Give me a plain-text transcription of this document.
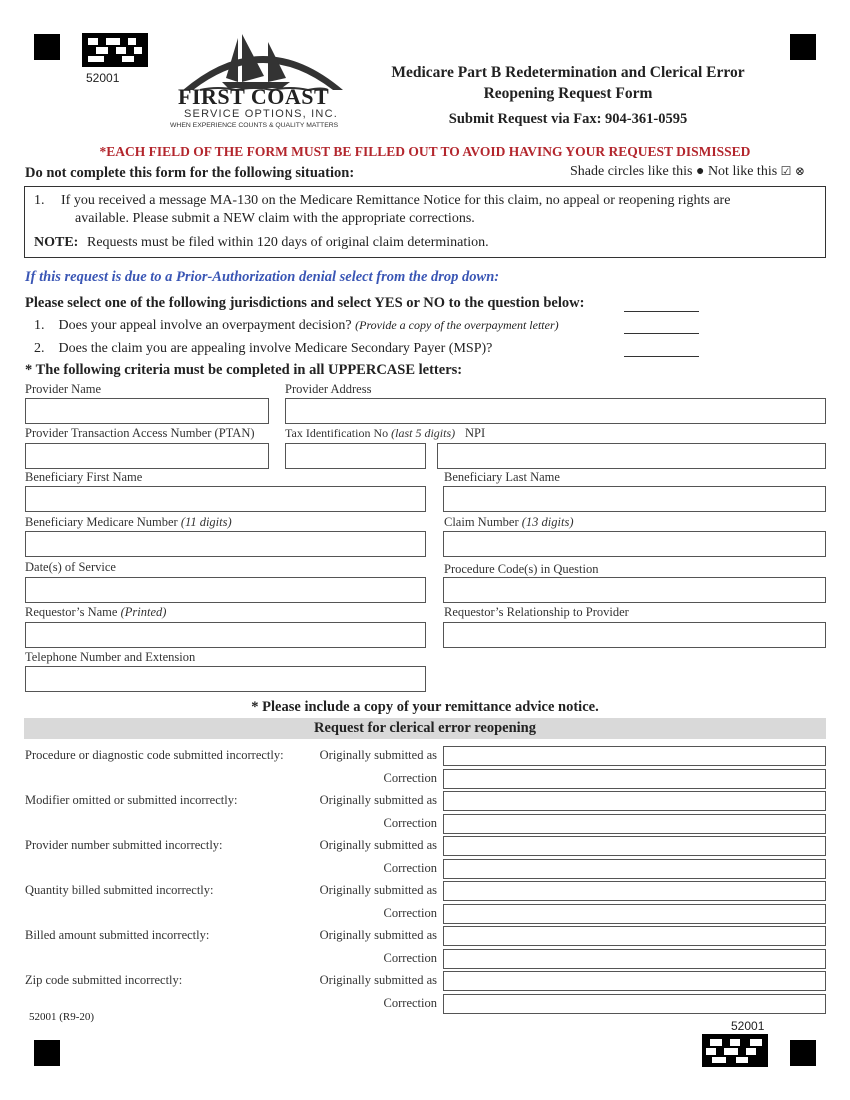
52001
FIRST COAST
SERVICE OPTIONS, INC.
WHEN EXPERIENCE COUNTS & QUALITY MATTERS
Medicare Part B Redetermination and Clerical Error
Reopening Request Form
Submit Request via Fax: 904-361-0595
*EACH FIELD OF THE FORM MUST BE FILLED OUT TO AVOID HAVING YOUR REQUEST DISMISSED
Do not complete this form for the following situation:	Shade circles like this ● Not like this ☑ ⊗
1. If you received a message MA-130 on the Medicare Remittance Notice for this claim, no appeal or reopening rights are
available. Please submit a NEW claim with the appropriate corrections.
NOTE: Requests must be filed within 120 days of original claim determination.
If this request is due to a Prior-Authorization denial select from the drop down:
Please select one of the following jurisdictions and select YES or NO to the question below:
1. Does your appeal involve an overpayment decision? (Provide a copy of the overpayment letter)
2. Does the claim you are appealing involve Medicare Secondary Payer (MSP)?
* The following criteria must be completed in all UPPERCASE letters:
Provider Name	Provider Address
Provider Transaction Access Number (PTAN)	Tax Identification No (last 5 digits) NPI
Beneficiary First Name	Beneficiary Last Name
Beneficiary Medicare Number (11 digits)	Claim Number (13 digits)
Date(s) of Service	Procedure Code(s) in Question
Requestor’s Name (Printed)	Requestor’s Relationship to Provider
Telephone Number and Extension
* Please include a copy of your remittance advice notice.
Request for clerical error reopening
Procedure or diagnostic code submitted incorrectly:	Originally submitted as
Correction
Modifier omitted or submitted incorrectly:	Originally submitted as
Correction
Provider number submitted incorrectly:	Originally submitted as
Correction
Quantity billed submitted incorrectly:	Originally submitted as
Correction
Billed amount submitted incorrectly:	Originally submitted as
Correction
Zip code submitted incorrectly:	Originally submitted as
Correction
52001 (R9-20)
52001
